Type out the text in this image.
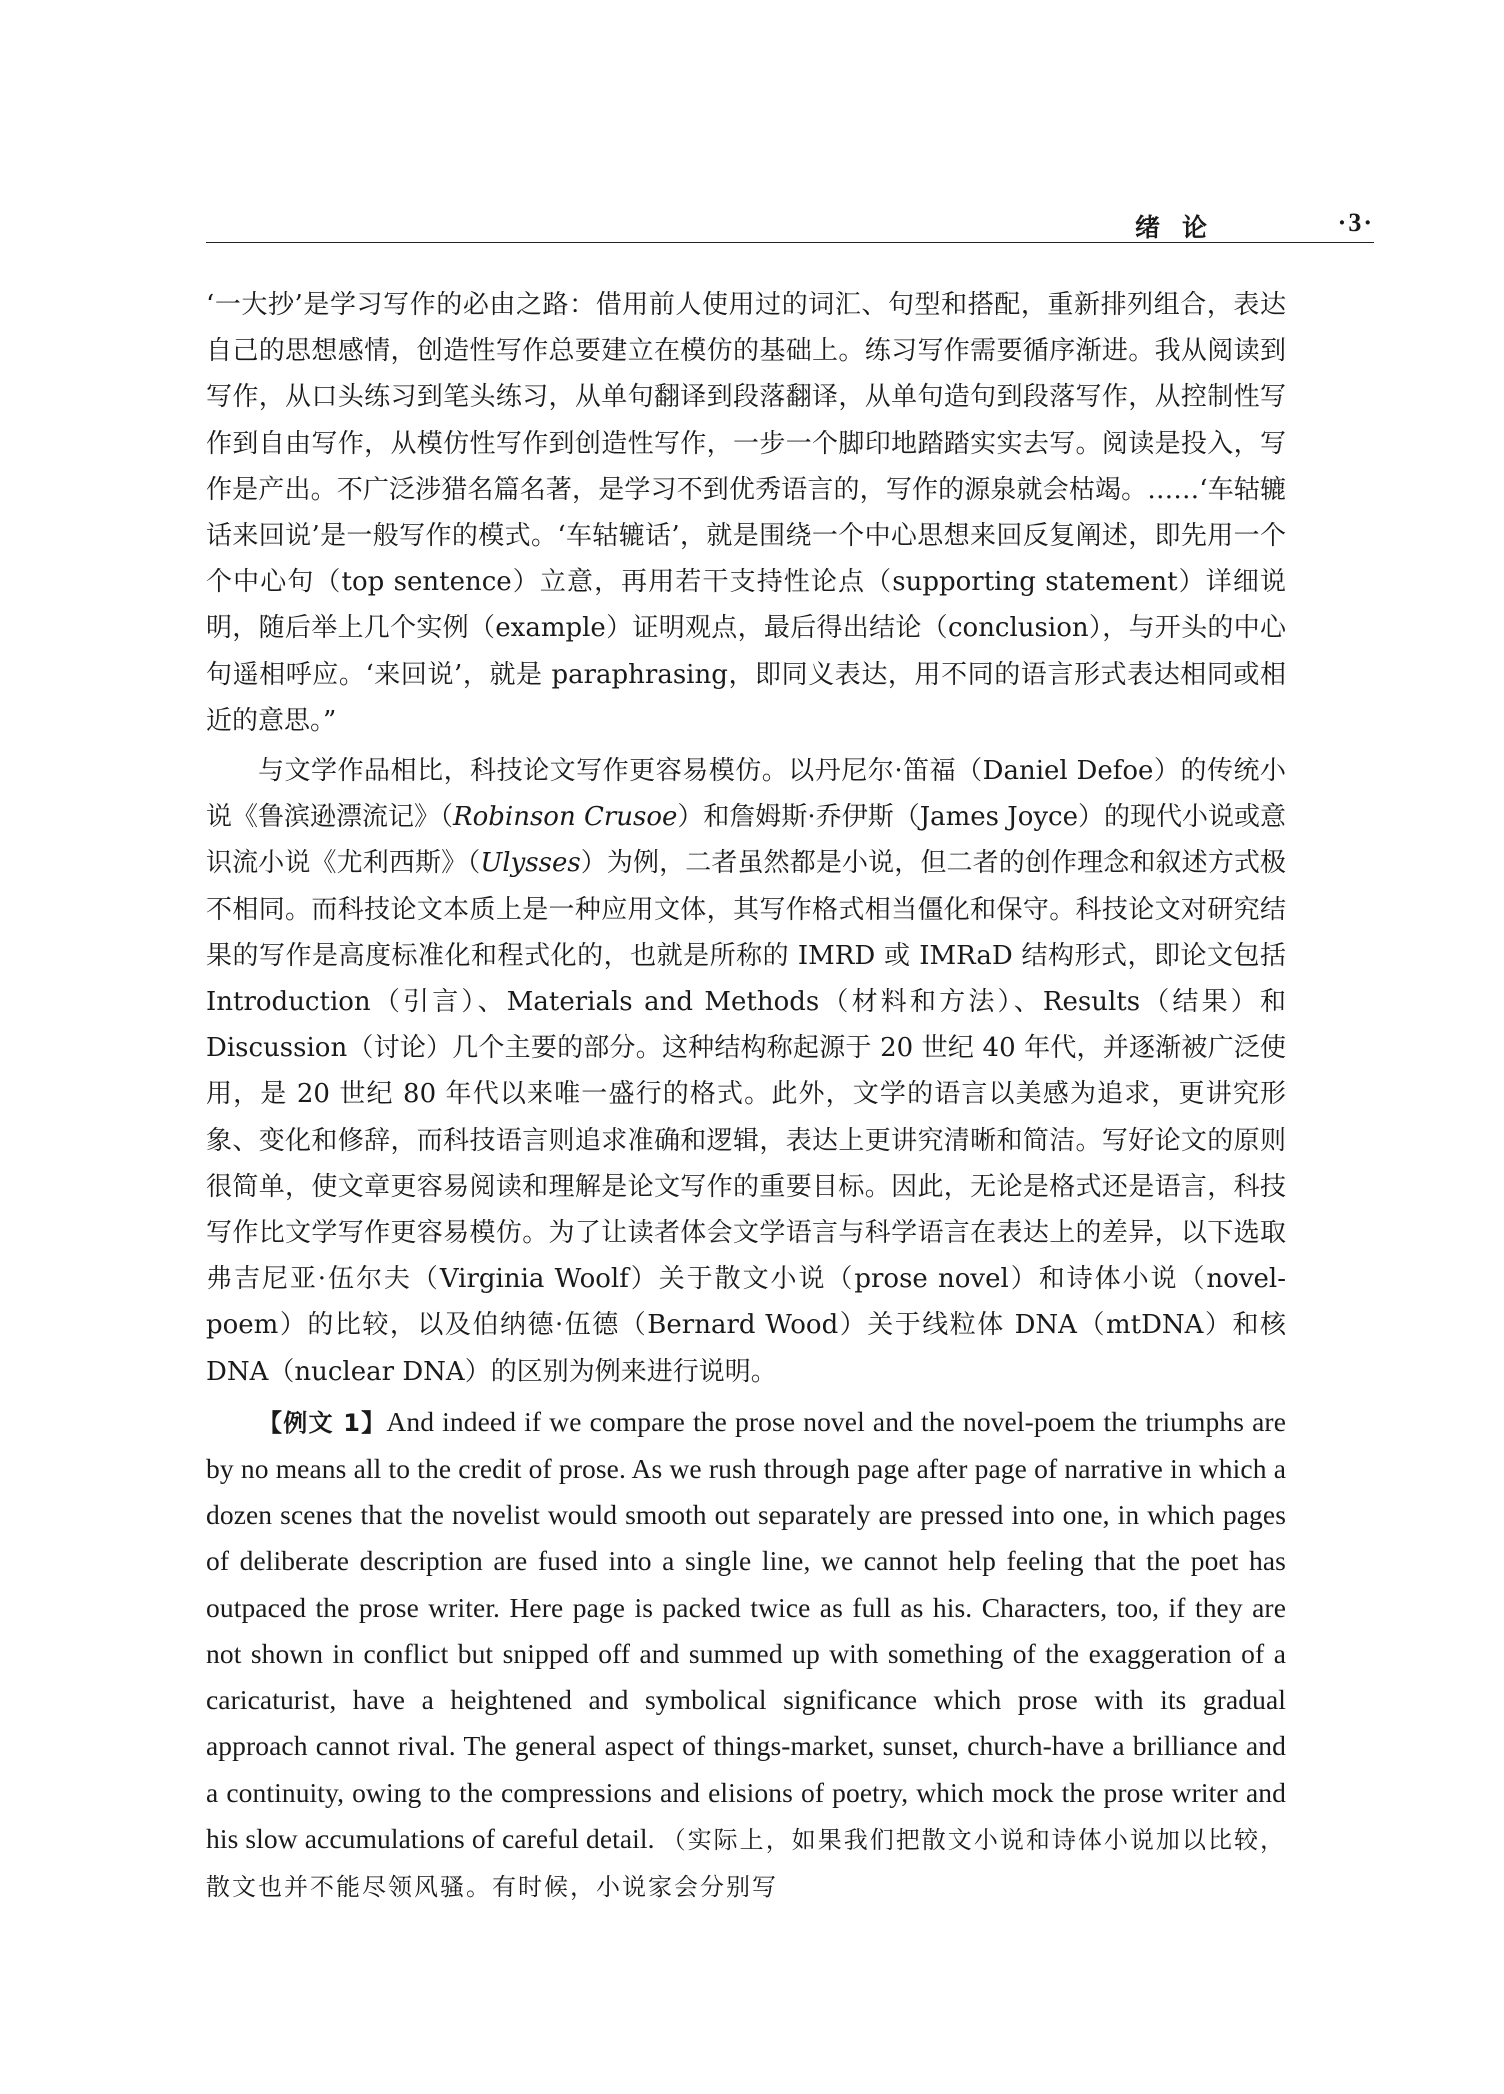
绪论	·3·

‘一大抄’是学习写作的必由之路：借用前人使用过的词汇、句型和搭配，重新排列组合，表达自己的思想感情，创造性写作总要建立在模仿的基础上。练习写作需要循序渐进。我从阅读到写作，从口头练习到笔头练习，从单句翻译到段落翻译，从单句造句到段落写作，从控制性写作到自由写作，从模仿性写作到创造性写作，一步一个脚印地踏踏实实去写。阅读是投入，写作是产出。不广泛涉猎名篇名著，是学习不到优秀语言的，写作的源泉就会枯竭。……‘车轱辘话来回说’是一般写作的模式。‘车轱辘话’，就是围绕一个中心思想来回反复阐述，即先用一个个中心句（top sentence）立意，再用若干支持性论点（supporting statement）详细说明，随后举上几个实例（example）证明观点，最后得出结论（conclusion），与开头的中心句遥相呼应。‘来回说’，就是 paraphrasing，即同义表达，用不同的语言形式表达相同或相近的意思。”

与文学作品相比，科技论文写作更容易模仿。以丹尼尔·笛福（Daniel Defoe）的传统小说《鲁滨逊漂流记》（Robinson Crusoe）和詹姆斯·乔伊斯（James Joyce）的现代小说或意识流小说《尤利西斯》（Ulysses）为例，二者虽然都是小说，但二者的创作理念和叙述方式极不相同。而科技论文本质上是一种应用文体，其写作格式相当僵化和保守。科技论文对研究结果的写作是高度标准化和程式化的，也就是所称的 IMRD 或 IMRaD 结构形式，即论文包括 Introduction（引言）、Materials and Methods（材料和方法）、Results（结果）和 Discussion（讨论）几个主要的部分。这种结构称起源于 20 世纪 40 年代，并逐渐被广泛使用，是 20 世纪 80 年代以来唯一盛行的格式。此外，文学的语言以美感为追求，更讲究形象、变化和修辞，而科技语言则追求准确和逻辑，表达上更讲究清晰和简洁。写好论文的原则很简单，使文章更容易阅读和理解是论文写作的重要目标。因此，无论是格式还是语言，科技写作比文学写作更容易模仿。为了让读者体会文学语言与科学语言在表达上的差异，以下选取弗吉尼亚·伍尔夫（Virginia Woolf）关于散文小说（prose novel）和诗体小说（novel-poem）的比较，以及伯纳德·伍德（Bernard Wood）关于线粒体 DNA（mtDNA）和核 DNA（nuclear DNA）的区别为例来进行说明。

【例文 1】And indeed if we compare the prose novel and the novel-poem the triumphs are by no means all to the credit of prose. As we rush through page after page of narrative in which a dozen scenes that the novelist would smooth out separately are pressed into one, in which pages of deliberate description are fused into a single line, we cannot help feeling that the poet has outpaced the prose writer. Here page is packed twice as full as his. Characters, too, if they are not shown in conflict but snipped off and summed up with something of the exaggeration of a caricaturist, have a heightened and symbolical significance which prose with its gradual approach cannot rival. The general aspect of things-market, sunset, church-have a brilliance and a continuity, owing to the compressions and elisions of poetry, which mock the prose writer and his slow accumulations of careful detail. （实际上，如果我们把散文小说和诗体小说加以比较，散文也并不能尽领风骚。有时候，小说家会分别写
